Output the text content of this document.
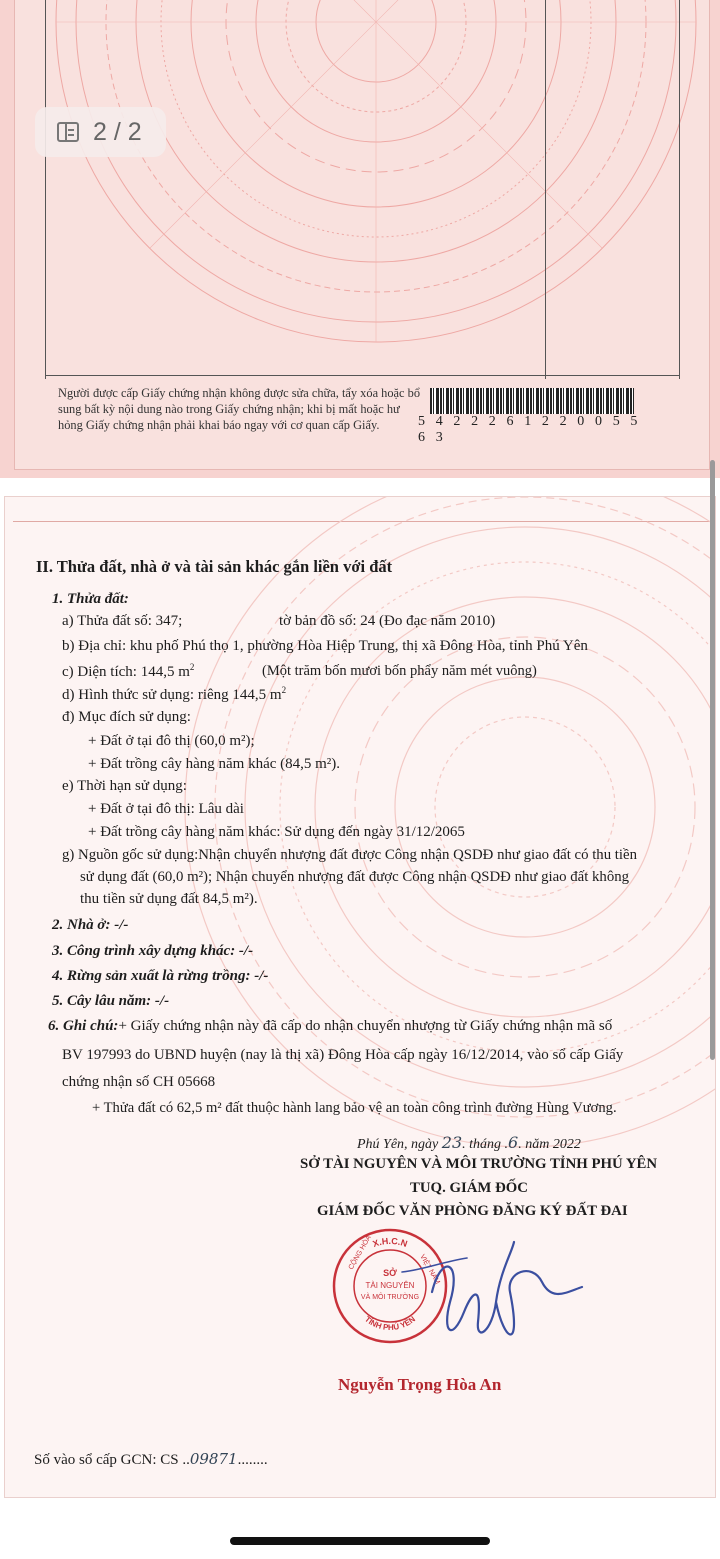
Người được cấp Giấy chứng nhận không được sửa chữa, tẩy xóa hoặc bổ
sung bất kỳ nội dung nào trong Giấy chứng nhận; khi bị mất hoặc hư
hỏng Giấy chứng nhận phải khai báo ngay với cơ quan cấp Giấy.	5 4 2 2 2 6 1 2 2 0 0 5 5 6 3
2 / 2
II. Thửa đất, nhà ở và tài sản khác gắn liền với đất
1. Thửa đất:
a) Thửa đất số: 347;	tờ bản đồ số: 24 (Đo đạc năm 2010)
b) Địa chỉ: khu phố Phú thọ 1, phường Hòa Hiệp Trung, thị xã Đông Hòa, tỉnh Phú Yên
c) Diện tích: 144,5 $m^2$	(Một trăm bốn mươi bốn phẩy năm mét vuông)
d) Hình thức sử dụng: riêng 144,5 $m^2$
đ) Mục đích sử dụng:
+ Đất ở tại đô thị (60,0 m²);
+ Đất trồng cây hàng năm khác (84,5 m²).
e) Thời hạn sử dụng:
+ Đất ở tại đô thị: Lâu dài
+ Đất trồng cây hàng năm khác: Sử dụng đến ngày 31/12/2065
g) Nguồn gốc sử dụng:Nhận chuyển nhượng đất được Công nhận QSDĐ như giao đất có thu tiền
sử dụng đất (60,0 m²); Nhận chuyển nhượng đất được Công nhận QSDĐ như giao đất không
thu tiền sử dụng đất 84,5 m²).
2. Nhà ở: -/-
3. Công trình xây dựng khác: -/-
4. Rừng sản xuất là rừng trồng: -/-
5. Cây lâu năm: -/-
6. Ghi chú:+ Giấy chứng nhận này đã cấp do nhận chuyển nhượng từ Giấy chứng nhận mã số
BV 197993 do UBND huyện (nay là thị xã) Đông Hòa cấp ngày 16/12/2014, vào sổ cấp Giấy
chứng nhận số CH 05668
+ Thửa đất có 62,5 m² đất thuộc hành lang bảo vệ an toàn công trình đường Hùng Vương.
Phú Yên, ngày 23. tháng .6. năm 2022
SỞ TÀI NGUYÊN VÀ MÔI TRƯỜNG TỈNH PHÚ YÊN
TUQ. GIÁM ĐỐC
GIÁM ĐỐC VĂN PHÒNG ĐĂNG KÝ ĐẤT ĐAI
X.H.C.N
CỘNG HÒA	VIỆT NAM
TỈNH PHÚ YÊN
SỞ
TÀI NGUYÊN
VÀ MÔI TRƯỜNG
Nguyễn Trọng Hòa An
Số vào sổ cấp GCN: CS ..09871........
